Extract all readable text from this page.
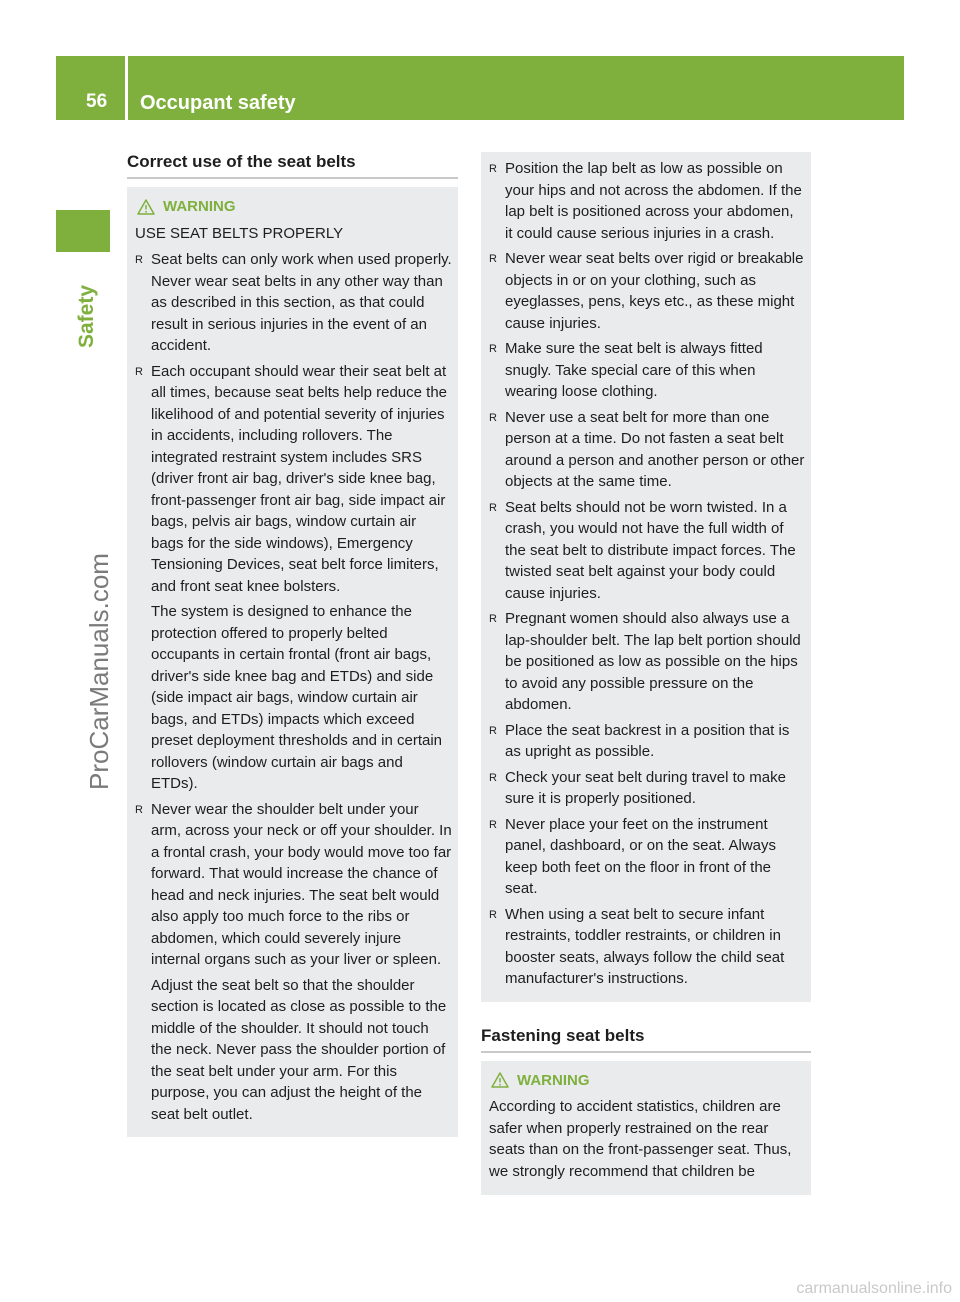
56	Occupant safety
Safety
ProCarManuals.com
carmanualsonline.info
Correct use of the seat belts
WARNING

USE SEAT BELTS PROPERLY

R Seat belts can only work when used properly. Never wear seat belts in any other way than as described in this section, as that could result in serious injuries in the event of an accident.
R Each occupant should wear their seat belt at all times, because seat belts help reduce the likelihood of and potential severity of injuries in accidents, including rollovers. The integrated restraint system includes SRS (driver front air bag, driver's side knee bag, front-passenger front air bag, side impact air bags, pelvis air bags, window curtain air bags for the side windows), Emergency Tensioning Devices, seat belt force limiters, and front seat knee bolsters.

The system is designed to enhance the protection offered to properly belted occupants in certain frontal (front air bags, driver's side knee bag and ETDs) and side (side impact air bags, window curtain air bags, and ETDs) impacts which exceed preset deployment thresholds and in certain rollovers (window curtain air bags and ETDs).

R Never wear the shoulder belt under your arm, across your neck or off your shoulder. In a frontal crash, your body would move too far forward. That would increase the chance of head and neck injuries. The seat belt would also apply too much force to the ribs or abdomen, which could severely injure internal organs such as your liver or spleen.

Adjust the seat belt so that the shoulder section is located as close as possible to the middle of the shoulder. It should not touch the neck. Never pass the shoulder portion of the seat belt under your arm. For this purpose, you can adjust the height of the seat belt outlet.

R Position the lap belt as low as possible on your hips and not across the abdomen. If the lap belt is positioned across your abdomen, it could cause serious injuries in a crash.
R Never wear seat belts over rigid or breakable objects in or on your clothing, such as eyeglasses, pens, keys etc., as these might cause injuries.
R Make sure the seat belt is always fitted snugly. Take special care of this when wearing loose clothing.
R Never use a seat belt for more than one person at a time. Do not fasten a seat belt around a person and another person or other objects at the same time.
R Seat belts should not be worn twisted. In a crash, you would not have the full width of the seat belt to distribute impact forces. The twisted seat belt against your body could cause injuries.
R Pregnant women should also always use a lap-shoulder belt. The lap belt portion should be positioned as low as possible on the hips to avoid any possible pressure on the abdomen.
R Place the seat backrest in a position that is as upright as possible.
R Check your seat belt during travel to make sure it is properly positioned.
R Never place your feet on the instrument panel, dashboard, or on the seat. Always keep both feet on the floor in front of the seat.
R When using a seat belt to secure infant restraints, toddler restraints, or children in booster seats, always follow the child seat manufacturer's instructions.
Fastening seat belts
WARNING

According to accident statistics, children are safer when properly restrained on the rear seats than on the front-passenger seat. Thus, we strongly recommend that children be
